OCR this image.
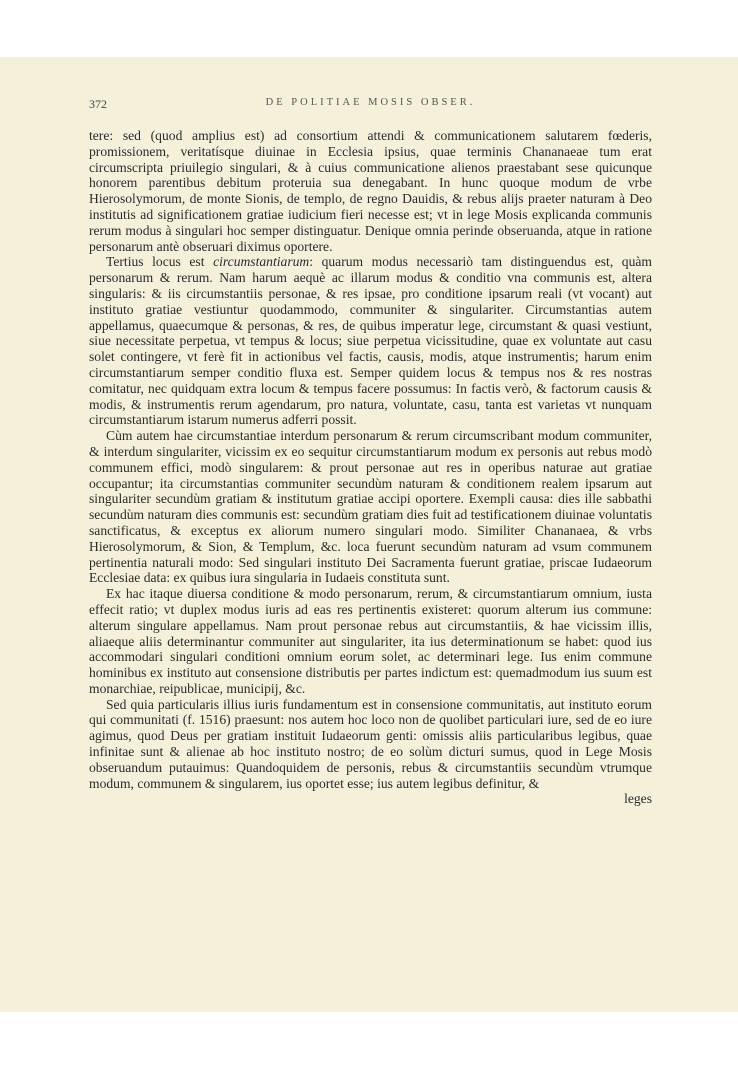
372	DE POLITIAE MOSIS OBSER.

tere: sed (quod amplius est) ad consortium attendi & communicationem salutarem fœderis, promissionem, veritatísque diuinae in Ecclesia ipsius, quae terminis Chananaeae tum erat circumscripta priuilegio singulari, & à cuius communicatione alienos praestabant sese quicunque honorem parentibus debitum proteruia sua denegabant. In hunc quoque modum de vrbe Hierosolymorum, de monte Sionis, de templo, de regno Dauidis, & rebus alijs praeter naturam à Deo institutis ad significationem gratiae iudicium fieri necesse est; vt in lege Mosis explicanda communis rerum modus à singulari hoc semper distinguatur. Denique omnia perinde obseruanda, atque in ratione personarum antè obseruari diximus oportere.

Tertius locus est circumstantiarum: quarum modus necessariò tam distinguendus est, quàm personarum & rerum. Nam harum aequè ac illarum modus & conditio vna communis est, altera singularis: & iis circumstantiis personae, & res ipsae, pro conditione ipsarum reali (vt vocant) aut instituto gratiae vestiuntur quodammodo, communiter & singulariter. Circumstantias autem appellamus, quaecumque & personas, & res, de quibus imperatur lege, circumstant & quasi vestiunt, siue necessitate perpetua, vt tempus & locus; siue perpetua vicissitudine, quae ex voluntate aut casu solet contingere, vt ferè fit in actionibus vel factis, causis, modis, atque instrumentis; harum enim circumstantiarum semper conditio fluxa est. Semper quidem locus & tempus nos & res nostras comitatur, nec quidquam extra locum & tempus facere possumus: In factis verò, & factorum causis & modis, & instrumentis rerum agendarum, pro natura, voluntate, casu, tanta est varietas vt nunquam circumstantiarum istarum numerus adferri possit.

Cùm autem hae circumstantiae interdum personarum & rerum circumscribant modum communiter, & interdum singulariter, vicissim ex eo sequitur circumstantiarum modum ex personis aut rebus modò communem effici, modò singularem: & prout personae aut res in operibus naturae aut gratiae occupantur; ita circumstantias communiter secundùm naturam & conditionem realem ipsarum aut singulariter secundùm gratiam & institutum gratiae accipi oportere. Exempli causa: dies ille sabbathi secundùm naturam dies communis est: secundùm gratiam dies fuit ad testificationem diuinae voluntatis sanctificatus, & exceptus ex aliorum numero singulari modo. Similiter Chananaea, & vrbs Hierosolymorum, & Sion, & Templum, &c. loca fuerunt secundùm naturam ad vsum communem pertinentia naturali modo: Sed singulari instituto Dei Sacramenta fuerunt gratiae, priscae Iudaeorum Ecclesiae data: ex quibus iura singularia in Iudaeis constituta sunt.

Ex hac itaque diuersa conditione & modo personarum, rerum, & circumstantiarum omnium, iusta effecit ratio; vt duplex modus iuris ad eas res pertinentis existeret: quorum alterum ius commune: alterum singulare appellamus. Nam prout personae rebus aut circumstantiis, & hae vicissim illis, aliaeque aliis determinantur communiter aut singulariter, ita ius determinationum se habet: quod ius accommodari singulari conditioni omnium eorum solet, ac determinari lege. Ius enim commune hominibus ex instituto aut consensione distributis per partes indictum est: quemadmodum ius suum est monarchiae, reipublicae, municipij, &c.

Sed quia particularis illius iuris fundamentum est in consensione communitatis, aut instituto eorum qui communitati (f. 1516) praesunt: nos autem hoc loco non de quolibet particulari iure, sed de eo iure agimus, quod Deus per gratiam instituit Iudaeorum genti: omissis aliis particularibus legibus, quae infinitae sunt & alienae ab hoc instituto nostro; de eo solùm dicturi sumus, quod in Lege Mosis obseruandum putauimus: Quandoquidem de personis, rebus & circumstantiis secundùm vtrumque modum, communem & singularem, ius oportet esse; ius autem legibus definitur, &

leges
